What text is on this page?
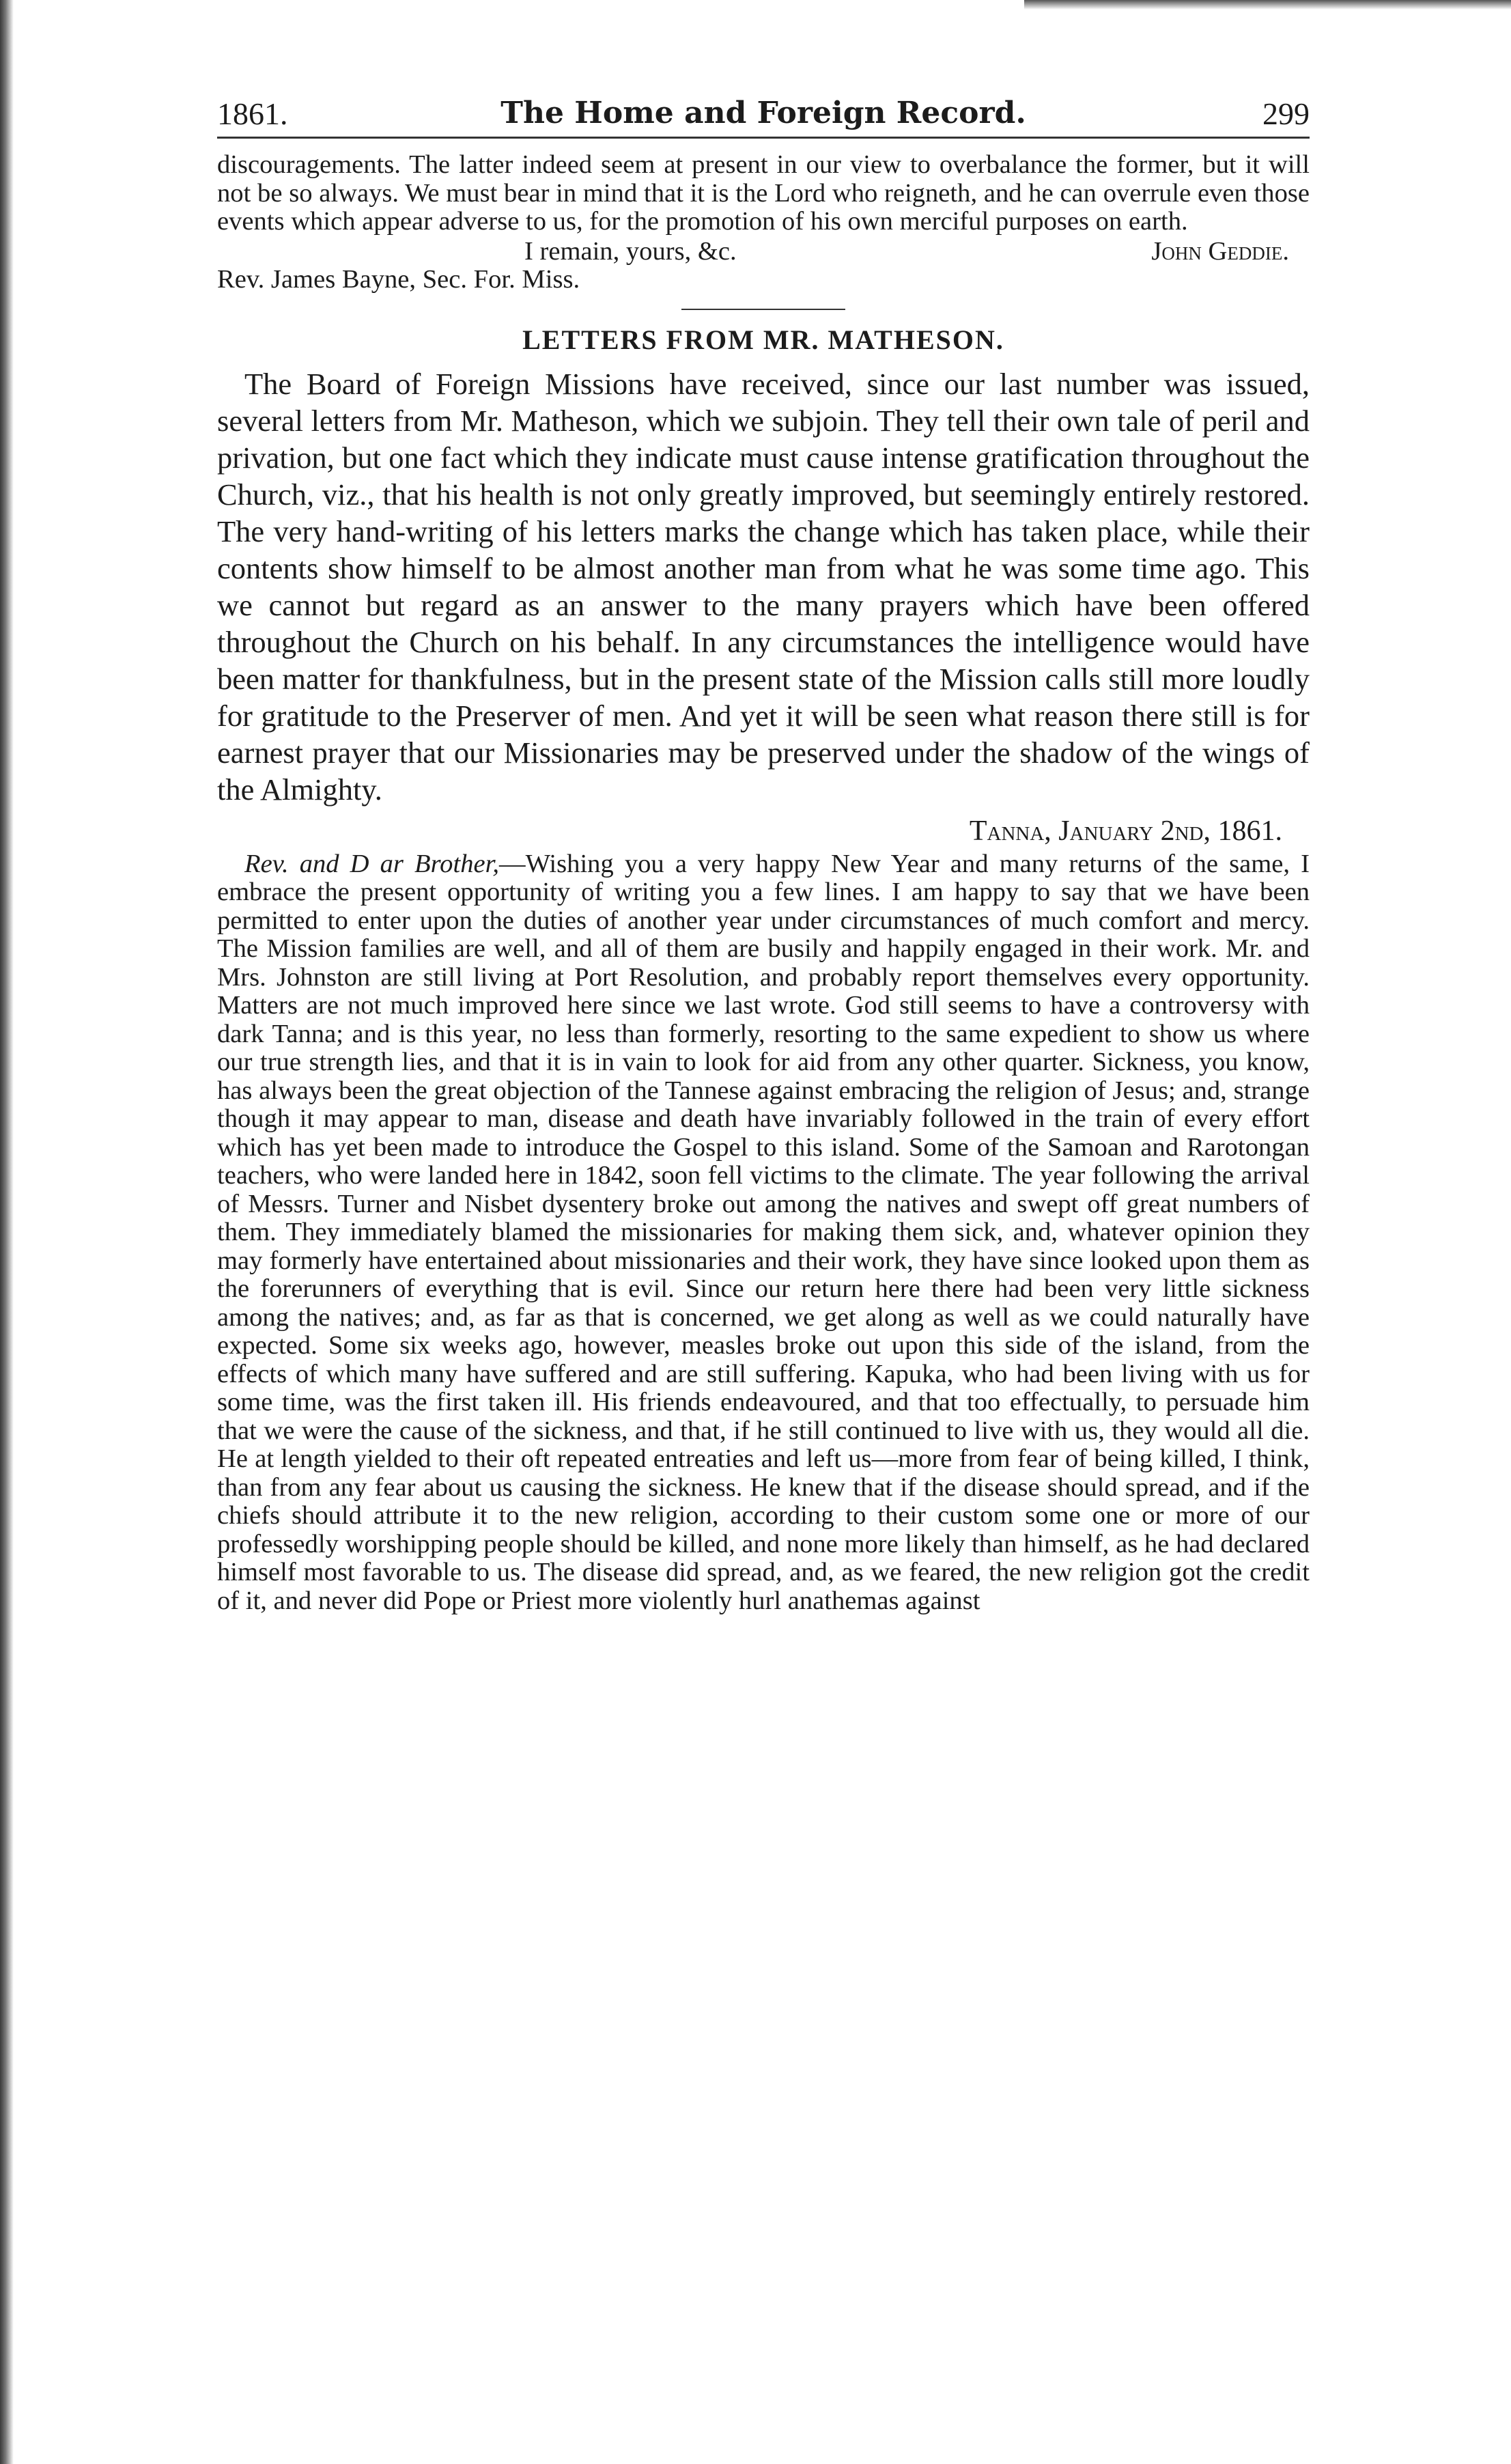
1861.	The Home and Foreign Record.	299

discouragements. The latter indeed seem at present in our view to overbalance the former, but it will not be so always. We must bear in mind that it is the Lord who reigneth, and he can overrule even those events which appear adverse to us, for the promotion of his own merciful purposes on earth.

I remain, yours, &c.	John Geddie.

Rev. James Bayne, Sec. For. Miss.

LETTERS FROM MR. MATHESON.

The Board of Foreign Missions have received, since our last number was issued, several letters from Mr. Matheson, which we subjoin. They tell their own tale of peril and privation, but one fact which they indicate must cause intense gratification throughout the Church, viz., that his health is not only greatly improved, but seemingly entirely restored. The very hand-writing of his letters marks the change which has taken place, while their contents show himself to be almost another man from what he was some time ago. This we cannot but regard as an answer to the many prayers which have been offered throughout the Church on his behalf. In any circumstances the intelligence would have been matter for thankfulness, but in the present state of the Mission calls still more loudly for gratitude to the Preserver of men. And yet it will be seen what reason there still is for earnest prayer that our Missionaries may be preserved under the shadow of the wings of the Almighty.

Tanna, January 2nd, 1861.

Rev. and D ar Brother,—Wishing you a very happy New Year and many returns of the same, I embrace the present opportunity of writing you a few lines. I am happy to say that we have been permitted to enter upon the duties of another year under circumstances of much comfort and mercy. The Mission families are well, and all of them are busily and happily engaged in their work. Mr. and Mrs. Johnston are still living at Port Resolution, and probably report themselves every opportunity. Matters are not much improved here since we last wrote. God still seems to have a controversy with dark Tanna; and is this year, no less than formerly, resorting to the same expedient to show us where our true strength lies, and that it is in vain to look for aid from any other quarter. Sickness, you know, has always been the great objection of the Tannese against embracing the religion of Jesus; and, strange though it may appear to man, disease and death have invariably followed in the train of every effort which has yet been made to introduce the Gospel to this island. Some of the Samoan and Rarotongan teachers, who were landed here in 1842, soon fell victims to the climate. The year following the arrival of Messrs. Turner and Nisbet dysentery broke out among the natives and swept off great numbers of them. They immediately blamed the missionaries for making them sick, and, whatever opinion they may formerly have entertained about missionaries and their work, they have since looked upon them as the forerunners of everything that is evil. Since our return here there had been very little sickness among the natives; and, as far as that is concerned, we get along as well as we could naturally have expected. Some six weeks ago, however, measles broke out upon this side of the island, from the effects of which many have suffered and are still suffering. Kapuka, who had been living with us for some time, was the first taken ill. His friends endeavoured, and that too effectually, to persuade him that we were the cause of the sickness, and that, if he still continued to live with us, they would all die. He at length yielded to their oft repeated entreaties and left us—more from fear of being killed, I think, than from any fear about us causing the sickness. He knew that if the disease should spread, and if the chiefs should attribute it to the new religion, according to their custom some one or more of our professedly worshipping people should be killed, and none more likely than himself, as he had declared himself most favorable to us. The disease did spread, and, as we feared, the new religion got the credit of it, and never did Pope or Priest more violently hurl anathemas against
